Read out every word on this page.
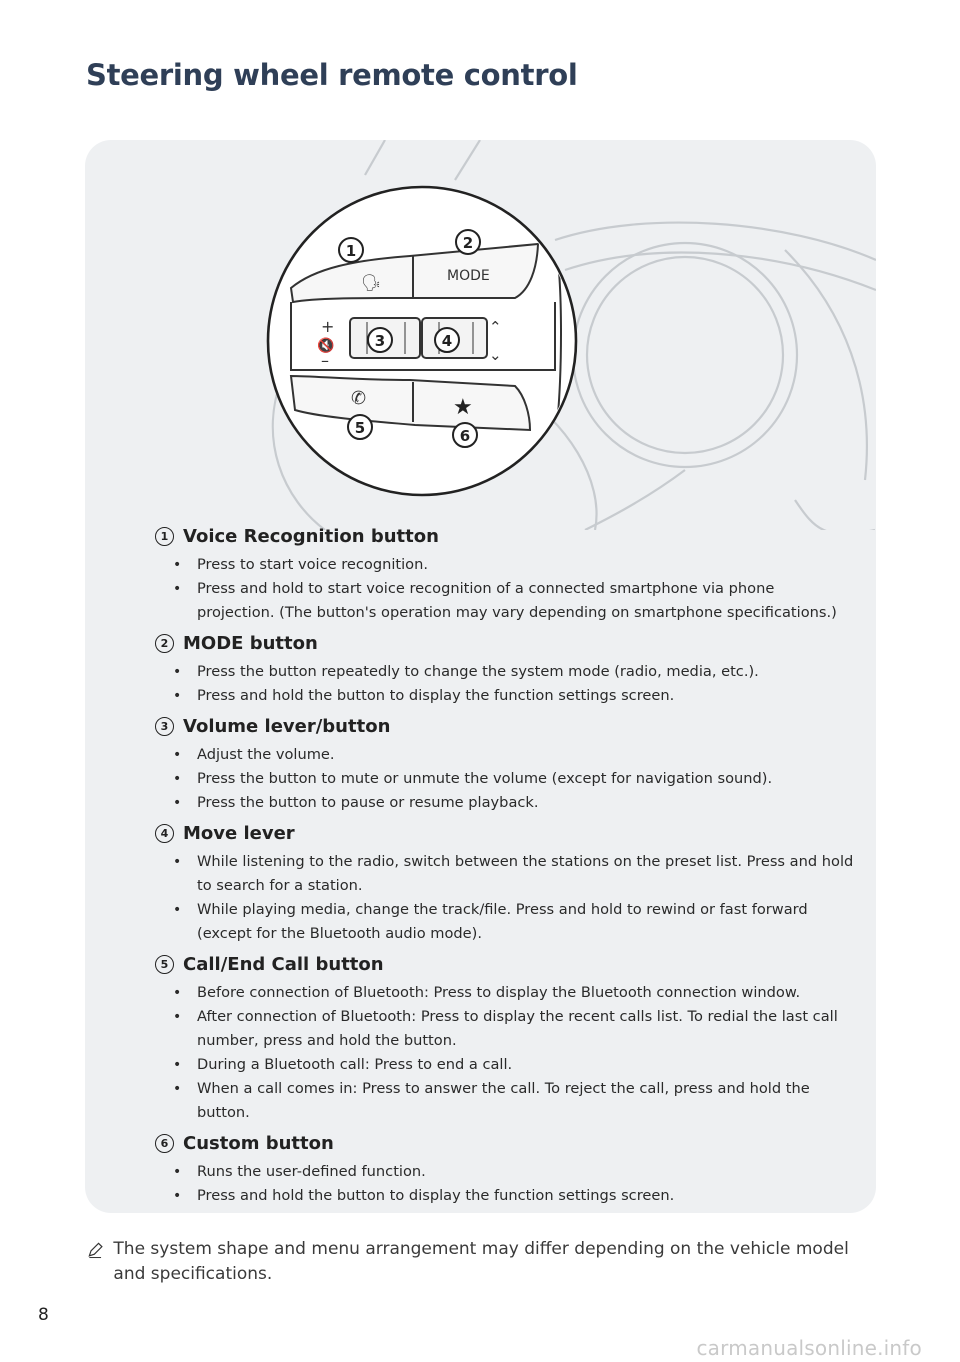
Steering wheel remote control
🗣	MODE
+
🔇
–
⌃
⌄
✆	★
1	2
3	4
5	6
1 Voice Recognition button
• Press to start voice recognition.
• Press and hold to start voice recognition of a connected smartphone via phone projection. (The button's operation may vary depending on smartphone specifications.)
2 MODE button
• Press the button repeatedly to change the system mode (radio, media, etc.).
• Press and hold the button to display the function settings screen.
3 Volume lever/button
• Adjust the volume.
• Press the button to mute or unmute the volume (except for navigation sound).
• Press the button to pause or resume playback.
4 Move lever
• While listening to the radio, switch between the stations on the preset list. Press and hold to search for a station.
• While playing media, change the track/file. Press and hold to rewind or fast forward (except for the Bluetooth audio mode).
5 Call/End Call button
• Before connection of Bluetooth: Press to display the Bluetooth connection window.
• After connection of Bluetooth: Press to display the recent calls list. To redial the last call number, press and hold the button.
• During a Bluetooth call: Press to end a call.
• When a call comes in: Press to answer the call. To reject the call, press and hold the button.
6 Custom button
• Runs the user-defined function.
• Press and hold the button to display the function settings screen.
The system shape and menu arrangement may differ depending on the vehicle model and specifications.
8
carmanualsonline.info
